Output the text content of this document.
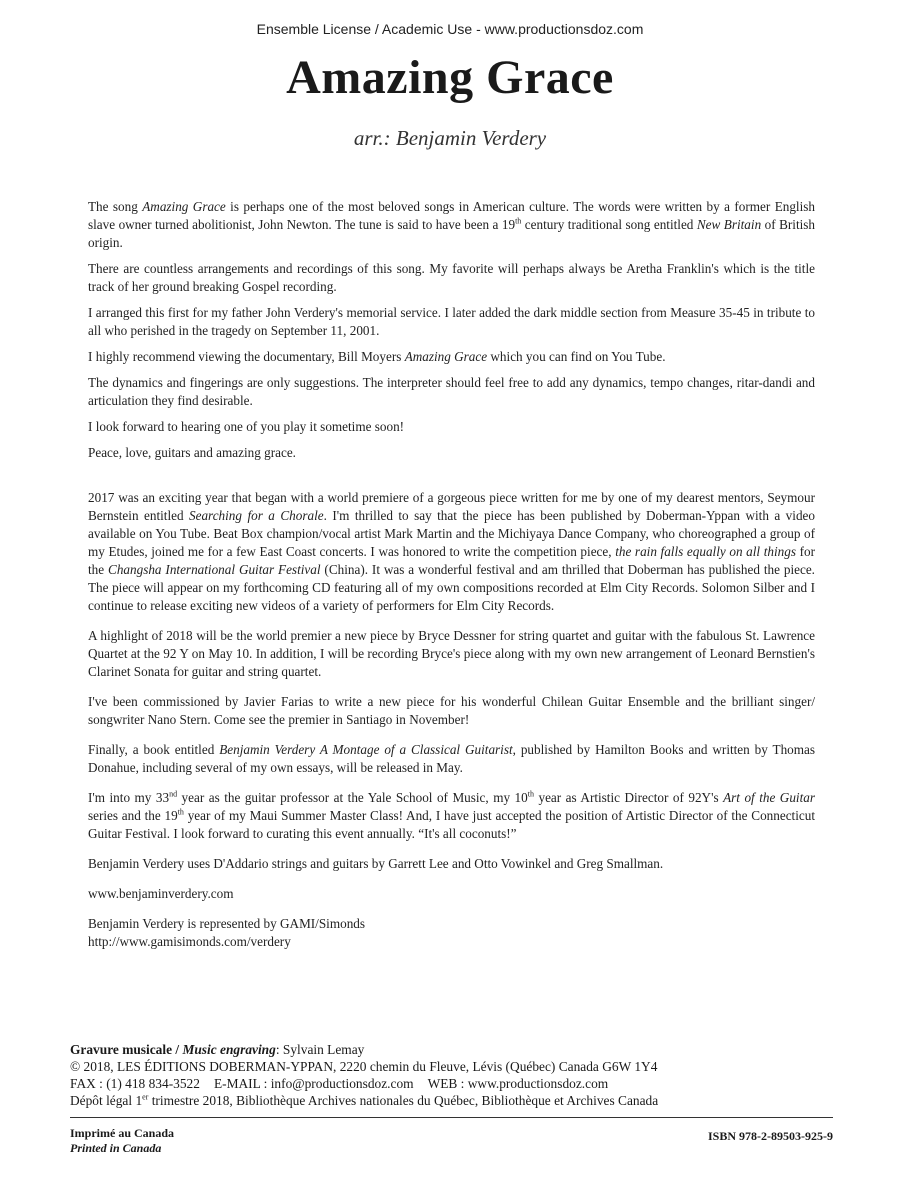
Ensemble License / Academic Use - www.productionsdoz.com
Amazing Grace
arr.: Benjamin Verdery

The song Amazing Grace is perhaps one of the most beloved songs in American culture. The words were written by a former English slave owner turned abolitionist, John Newton. The tune is said to have been a 19th century traditional song entitled New Britain of British origin.

There are countless arrangements and recordings of this song. My favorite will perhaps always be Aretha Franklin's which is the title track of her ground breaking Gospel recording.

I arranged this first for my father John Verdery's memorial service. I later added the dark middle section from Measure 35-45 in tribute to all who perished in the tragedy on September 11, 2001.

I highly recommend viewing the documentary, Bill Moyers Amazing Grace which you can find on You Tube.

The dynamics and fingerings are only suggestions. The interpreter should feel free to add any dynamics, tempo changes, ritar-dandi and articulation they find desirable.

I look forward to hearing one of you play it sometime soon!

Peace, love, guitars and amazing grace.

2017 was an exciting year that began with a world premiere of a gorgeous piece written for me by one of my dearest mentors, Seymour Bernstein entitled Searching for a Chorale. I'm thrilled to say that the piece has been published by Doberman-Yppan with a video available on You Tube. Beat Box champion/vocal artist Mark Martin and the Michiyaya Dance Company, who choreographed a group of my Etudes, joined me for a few East Coast concerts. I was honored to write the competition piece, the rain falls equally on all things for the Changsha International Guitar Festival (China). It was a wonderful festival and am thrilled that Doberman has published the piece. The piece will appear on my forthcoming CD featuring all of my own compositions recorded at Elm City Records. Solomon Silber and I continue to release exciting new videos of a variety of performers for Elm City Records.

A highlight of 2018 will be the world premier a new piece by Bryce Dessner for string quartet and guitar with the fabulous St. Lawrence Quartet at the 92 Y on May 10. In addition, I will be recording Bryce's piece along with my own new arrangement of Leonard Bernstien's Clarinet Sonata for guitar and string quartet.

I've been commissioned by Javier Farias to write a new piece for his wonderful Chilean Guitar Ensemble and the brilliant singer/ songwriter Nano Stern. Come see the premier in Santiago in November!

Finally, a book entitled Benjamin Verdery A Montage of a Classical Guitarist, published by Hamilton Books and written by Thomas Donahue, including several of my own essays, will be released in May.

I'm into my 33nd year as the guitar professor at the Yale School of Music, my 10th year as Artistic Director of 92Y's Art of the Guitar series and the 19th year of my Maui Summer Master Class! And, I have just accepted the position of Artistic Director of the Connecticut Guitar Festival. I look forward to curating this event annually. “It's all coconuts!”

Benjamin Verdery uses D'Addario strings and guitars by Garrett Lee and Otto Vowinkel and Greg Smallman.

www.benjaminverdery.com

Benjamin Verdery is represented by GAMI/Simonds
http://www.gamisimonds.com/verdery

Gravure musicale / Music engraving: Sylvain Lemay
© 2018, LES ÉDITIONS DOBERMAN-YPPAN, 2220 chemin du Fleuve, Lévis (Québec) Canada G6W 1Y4
FAX : (1) 418 834-3522 E-MAIL : info@productionsdoz.com WEB : www.productionsdoz.com
Dépôt légal 1er trimestre 2018, Bibliothèque Archives nationales du Québec, Bibliothèque et Archives Canada
Imprimé au Canada
Printed in Canada
ISBN 978-2-89503-925-9
